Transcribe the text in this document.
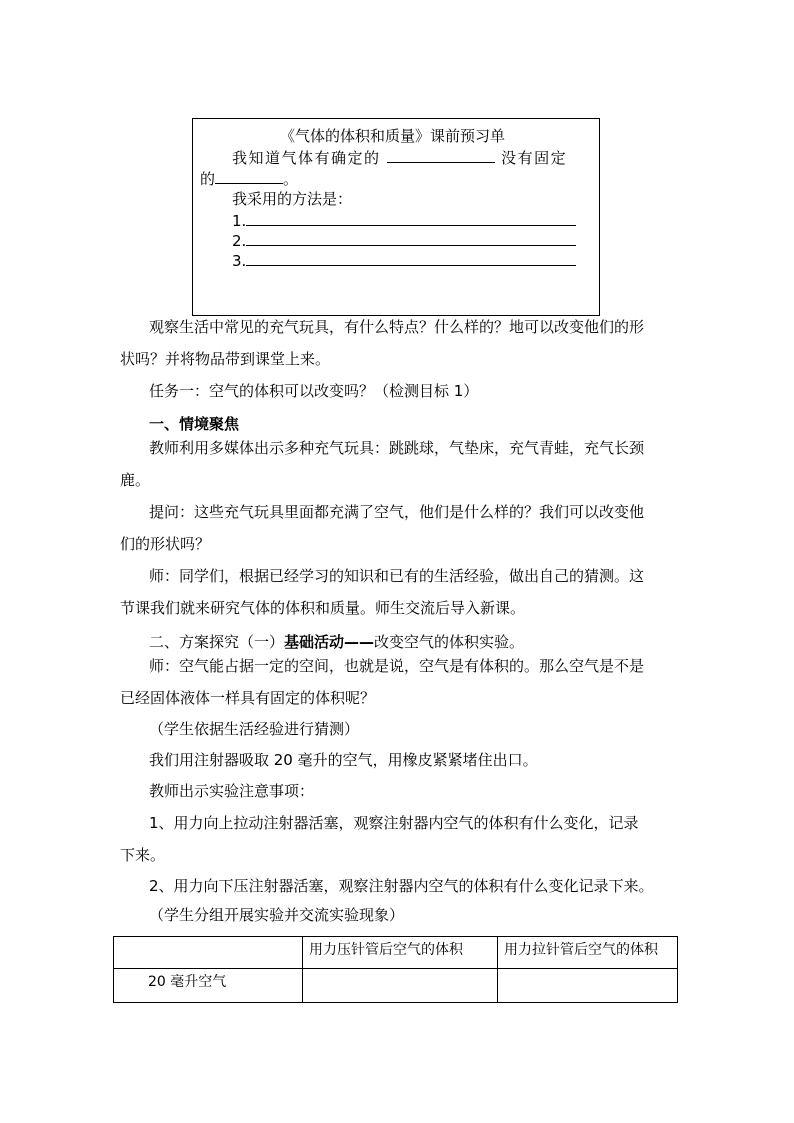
《气体的体积和质量》课前预习单
我知道气体有确定的	没有固定
的	。
我采用的方法是：
1.
2.
3.
观察生活中常见的充气玩具，有什么特点？什么样的？地可以改变他们的形
状吗？并将物品带到课堂上来。
任务一：空气的体积可以改变吗？（检测目标 1）
一、情境聚焦
教师利用多媒体出示多种充气玩具：跳跳球，气垫床，充气青蛙，充气长颈
鹿。
提问：这些充气玩具里面都充满了空气，他们是什么样的？我们可以改变他
们的形状吗？
师：同学们，根据已经学习的知识和已有的生活经验，做出自己的猜测。这
节课我们就来研究气体的体积和质量。师生交流后导入新课。
二、方案探究（一）基础活动——改变空气的体积实验。
师：空气能占据一定的空间，也就是说，空气是有体积的。那么空气是不是
已经固体液体一样具有固定的体积呢？
（学生依据生活经验进行猜测）
我们用注射器吸取 20 毫升的空气，用橡皮紧紧堵住出口。
教师出示实验注意事项：
1、用力向上拉动注射器活塞，观察注射器内空气的体积有什么变化，记录
下来。
2、用力向下压注射器活塞，观察注射器内空气的体积有什么变化记录下来。
（学生分组开展实验并交流实验现象）
	用力压针管后空气的体积	用力拉针管后空气的体积
20 毫升空气		
